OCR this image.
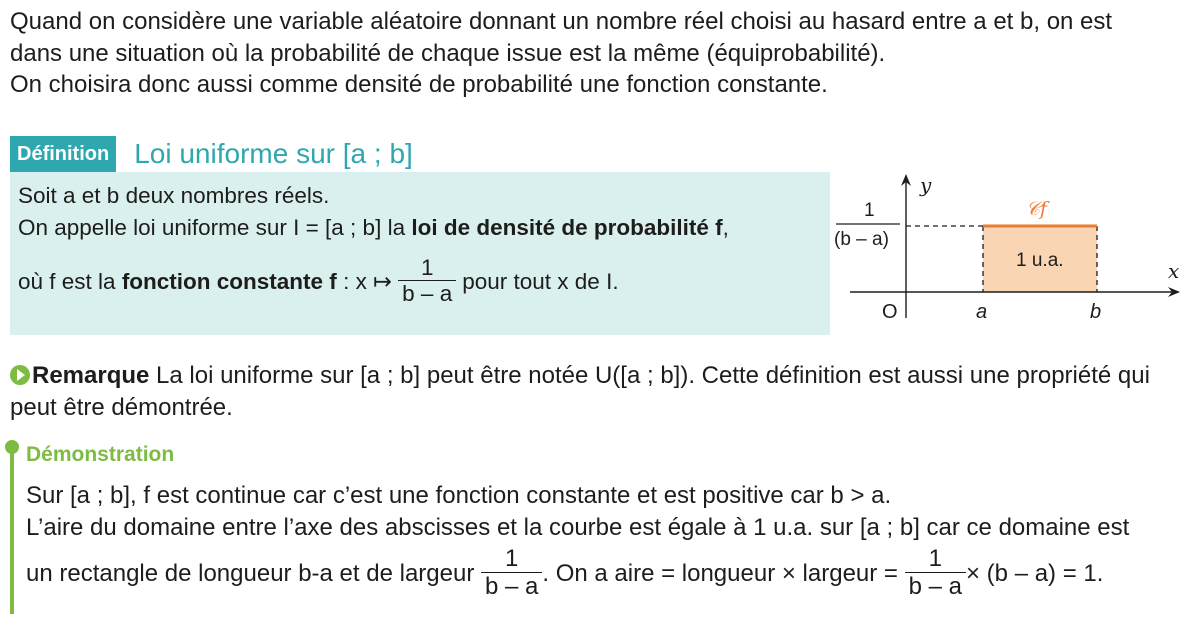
Quand on considère une variable aléatoire donnant un nombre réel choisi au hasard entre a et b, on est

dans une situation où la probabilité de chaque issue est la même (équiprobabilité).

On choisira donc aussi comme densité de probabilité une fonction constante.

Définition Loi uniforme sur [a ; b]
Soit a et b deux nombres réels.
On appelle loi uniforme sur I = [a ; b] la loi de densité de probabilité f,
où f est la fonction constante f : x ↦ $\frac{1}{b - a}$ pour tout x de I.
y
x
O	a	b
1
(b – a)
𝒞f
1 u.a.
Remarque La loi uniforme sur [a ; b] peut être notée U([a ; b]). Cette définition est aussi une propriété qui
peut être démontrée.
Démonstration
Sur [a ; b], f est continue car c’est une fonction constante et est positive car b > a.
L’aire du domaine entre l’axe des abscisses et la courbe est égale à 1 u.a. sur [a ; b] car ce domaine est
un rectangle de longueur b-a et de largeur $\frac{1}{b - a}$ . On a aire = longueur × largeur = $\frac{1}{b - a} \times (b - a) = 1$.
